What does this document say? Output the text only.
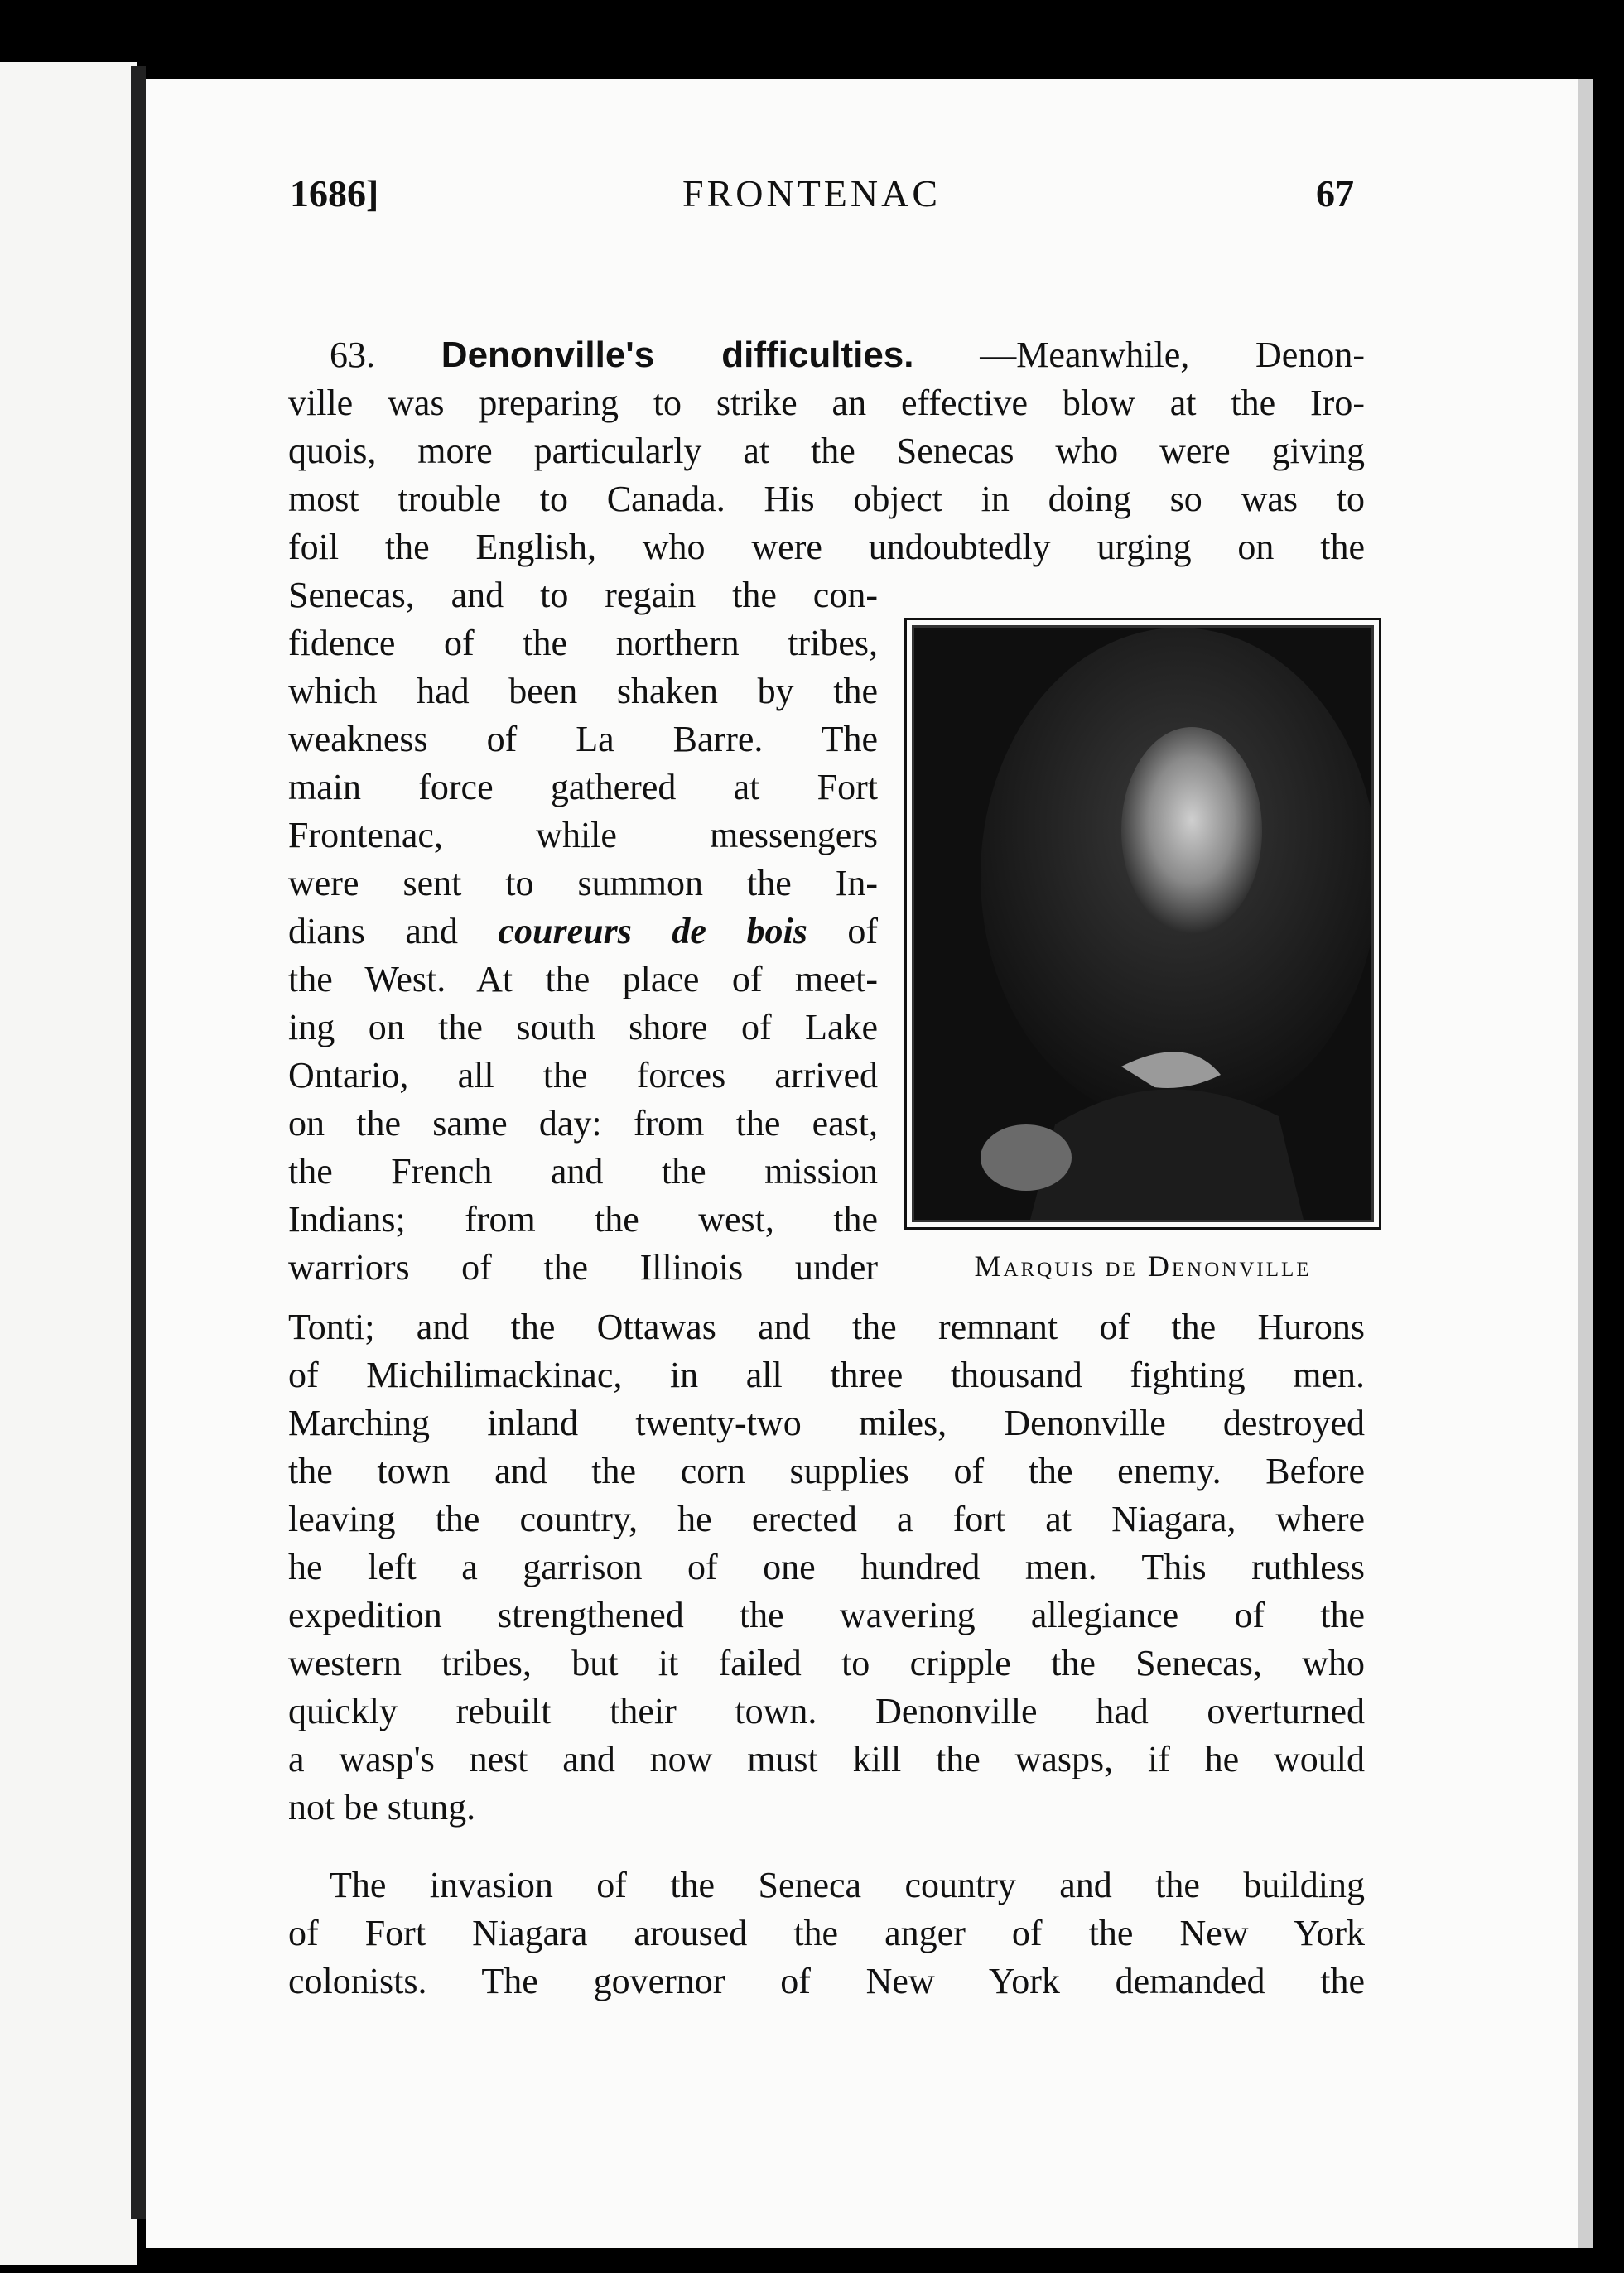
1686]	FRONTENAC	67
63. Denonville's difficulties. —Meanwhile, Denon-
ville was preparing to strike an effective blow at the Iro-
quois, more particularly at the Senecas who were giving
most trouble to Canada. His object in doing so was to
foil the English, who were undoubtedly urging on the
Senecas, and to regain the con-
fidence of the northern tribes,
which had been shaken by the
weakness of La Barre. The
main force gathered at Fort
Frontenac, while messengers
were sent to summon the In-
dians and coureurs de bois of
the West. At the place of meet-
ing on the south shore of Lake
Ontario, all the forces arrived
on the same day: from the east,
the French and the mission
Indians; from the west, the
warriors of the Illinois under	Marquis de Denonville
Tonti; and the Ottawas and the remnant of the Hurons
of Michilimackinac, in all three thousand fighting men.
Marching inland twenty-two miles, Denonville destroyed
the town and the corn supplies of the enemy. Before
leaving the country, he erected a fort at Niagara, where
he left a garrison of one hundred men. This ruthless
expedition strengthened the wavering allegiance of the
western tribes, but it failed to cripple the Senecas, who
quickly rebuilt their town. Denonville had overturned
a wasp's nest and now must kill the wasps, if he would
not be stung.
The invasion of the Seneca country and the building
of Fort Niagara aroused the anger of the New York
colonists. The governor of New York demanded the
